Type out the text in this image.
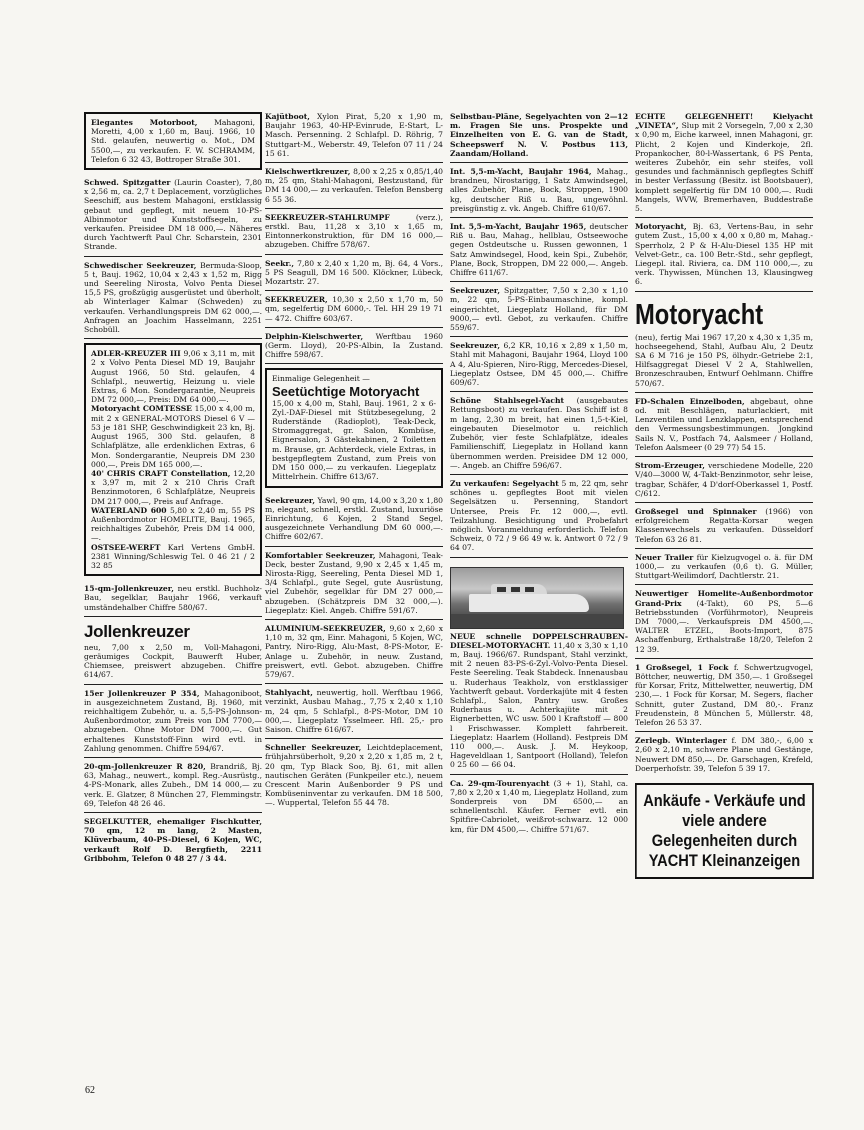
Elegantes Motorboot, Mahagoni, Moretti, 4,00 x 1,60 m, Bauj. 1966, 10 Std. gelaufen, neuwertig o. Mot., DM 5500,—, zu verkaufen. F. W. SCHRAMM, Telefon 6 32 43, Bottroper Straße 301.
Schwed. Spitzgatter (Laurin Coaster), 7,80 x 2,56 m, ca. 2,7 t Deplacement, vorzügliches Seeschiff, aus bestem Mahagoni, erstklassig gebaut und gepflegt, mit neuem 10-PS-Albinmotor und Kunststoffsegeln, zu verkaufen. Preisidee DM 18 000,—. Näheres durch Yachtwerft Paul Chr. Scharstein, 2301 Strande.
Schwedischer Seekreuzer, Bermuda-Sloop, 5 t, Bauj. 1962, 10,04 x 2,43 x 1,52 m, Rigg und Seereling Nirosta, Volvo Penta Diesel 15,5 PS, großzügig ausgerüstet und überholt, ab Winterlager Kalmar (Schweden) zu verkaufen. Verhandlungspreis DM 62 000,—. Anfragen an Joachim Hasselmann, 2251 Schobüll.
ADLER-KREUZER III 9,06 x 3,11 m, mit 2 x Volvo Penta Diesel MD 19, Baujahr August 1966, 50 Std. gelaufen, 4 Schlafpl., neuwertig, Heizung u. viele Extras, 6 Mon. Sondergarantie, Neupreis DM 72 000,—, Preis: DM 64 000,—.
Motoryacht COMTESSE 15,00 x 4,00 m, mit 2 x GENERAL-MOTORS Diesel 6 V — 53 je 181 SHP, Geschwindigkeit 23 kn, Bj. August 1965, 300 Std. gelaufen, 8 Schlafplätze, alle erdenklichen Extras, 6 Mon. Sondergarantie, Neupreis DM 230 000,—, Preis DM 165 000,—.
40' CHRIS CRAFT Constellation, 12,20 x 3,97 m, mit 2 x 210 Chris Craft Benzinmotoren, 6 Schlafplätze, Neupreis DM 217 000,—, Preis auf Anfrage.
WATERLAND 600 5,80 x 2,40 m, 55 PS Außenbordmotor HOMELITE, Bauj. 1965, reichhaltiges Zubehör, Preis DM 14 000,—.
OSTSEE-WERFT Karl Vertens GmbH. 2381 Winning/Schleswig Tel. 0 46 21 / 2 32 85
15-qm-Jollenkreuzer, neu erstkl. Buchholz-Bau, segelklar, Baujahr 1966, verkauft umständehalber Chiffre 580/67.
Jollenkreuzer
neu, 7,00 x 2,50 m, Voll-Mahagoni, geräumiges Cockpit, Bauwerft Huber, Chiemsee, preiswert abzugeben. Chiffre 614/67.
15er Jollenkreuzer P 354, Mahagoniboot, in ausgezeichnetem Zustand, Bj. 1960, mit reichhaltigem Zubehör, u. a. 5,5-PS-Johnson-Außenbordmotor, zum Preis von DM 7700,— abzugeben. Ohne Motor DM 7000,—. Gut erhaltenes Kunststoff-Finn wird evtl. in Zahlung genommen. Chiffre 594/67.
20-qm-Jollenkreuzer R 820, Brandriß, Bj. 63, Mahag., neuwert., kompl. Reg.-Ausrüstg., 4-PS-Monark, alles Zubeh., DM 14 000,— zu verk. E. Glatzer, 8 München 27, Flemmingstr. 69, Telefon 48 26 46.
SEGELKUTTER, ehemaliger Fischkutter, 70 qm, 12 m lang, 2 Masten, Klüverbaum, 40-PS-Diesel, 6 Kojen, WC, verkauft Rolf D. Bergfieth, 2211 Gribbohm, Telefon 0 48 27 / 3 44.
Kajütboot, Xylon Pirat, 5,20 x 1,90 m, Baujahr 1963, 40-HP-Evinrude, E-Start, L-Masch. Persenning. 2 Schlafpl. D. Röhrig, 7 Stuttgart-M., Weberstr. 49, Telefon 07 11 / 24 15 61.
Kielschwertkreuzer, 8,00 x 2,25 x 0,85/1,40 m, 25 qm, Stahl-Mahagoni, Bestzustand, für DM 14 000,— zu verkaufen. Telefon Bensberg 6 55 36.
SEEKREUZER-STAHLRUMPF	(verz.), erstkl. Bau, 11,28 x 3,10 x 1,65 m, Eintonnerkonstruktion, für DM 16 000,— abzugeben. Chiffre 578/67.
Seekr., 7,80 x 2,40 x 1,20 m, Bj. 64, 4 Vors., 5 PS Seagull, DM 16 500. Klöckner, Lübeck, Mozartstr. 27.
SEEKREUZER, 10,30 x 2,50 x 1,70 m, 50 qm, segelfertig DM 6000,-. Tel. HH 29 19 71 — 472. Chiffre 603/67.
Delphin-Kielschwerter, Werftbau 1960 (Germ. Lloyd), 20-PS-Albin, Ia Zustand. Chiffre 598/67.
Einmalige Gelegenheit —
Seetüchtige Motoryacht
15,00 x 4,00 m, Stahl, Bauj. 1961, 2 x 6-Zyl.-DAF-Diesel mit Stützbesegelung, 2 Ruderstände (Radioplot), Teak-Deck, Stromaggregat, gr. Salon, Kombüse, Eignersalon, 3 Gästekabinen, 2 Toiletten m. Brause, gr. Achterdeck, viele Extras, in bestgepflegtem Zustand, zum Preis von DM 150 000,— zu verkaufen. Liegeplatz Mittelrhein. Chiffre 613/67.
Seekreuzer, Yawl, 90 qm, 14,00 x 3,20 x 1,80 m, elegant, schnell, erstkl. Zustand, luxuriöse Einrichtung, 6 Kojen, 2 Stand Segel, ausgezeichnete Verhandlung DM 60 000,—. Chiffre 602/67.
Komfortabler Seekreuzer, Mahagoni, Teak-Deck, bester Zustand, 9,90 x 2,45 x 1,45 m, Nirosta-Rigg, Seereling, Penta Diesel MD 1, 3/4 Schlafpl., gute Segel, gute Ausrüstung, viel Zubehör, segelklar für DM 27 000,— abzugeben. (Schätzpreis DM 32 000,—). Liegeplatz: Kiel. Angeb. Chiffre 591/67.
ALUMINIUM-SEEKREUZER, 9,60 x 2,60 x 1,10 m, 32 qm, Einr. Mahagoni, 5 Kojen, WC, Pantry, Niro-Rigg, Alu-Mast, 8-PS-Motor, E-Anlage u. Zubehör, in neuw. Zustand, preiswert, evtl. Gebot. abzugeben. Chiffre 579/67.
Stahlyacht, neuwertig, holl. Werftbau 1966, verzinkt, Ausbau Mahag., 7,75 x 2,40 x 1,10 m, 24 qm, 5 Schlafpl., 8-PS-Motor, DM 10 000,—. Liegeplatz Ysselmeer. Hfl. 25,- pro Saison. Chiffre 616/67.
Schneller Seekreuzer, Leichtdeplacement, frühjahrsüberholt, 9,20 x 2,20 x 1,85 m, 2 t, 20 qm, Typ Black Soo, Bj. 61, mit allen nautischen Geräten (Funkpeiler etc.), neuem Crescent Marin Außenborder 9 PS und Kombüseninventar zu verkaufen. DM 18 500,—. Wuppertal, Telefon 55 44 78.
Selbstbau-Pläne, Segelyachten von 2—12 m. Fragen Sie uns. Prospekte und Einzelheiten von E. G. van de Stadt, Scheepswerf N. V. Postbus 113, Zaandam/Holland.
Int. 5,5-m-Yacht, Baujahr 1964, Mahag., brandneu, Nirostarigg, 1 Satz Amwindsegel, alles Zubehör, Plane, Bock, Stroppen, 1900 kg, deutscher Riß u. Bau, ungewöhnl. preisgünstig z. vk. Angeb. Chiffre 610/67.
Int. 5,5-m-Yacht, Baujahr 1965, deutscher Riß u. Bau, Mahag., hellblau, Ostseewoche gegen Ostdeutsche u. Russen gewonnen, 1 Satz Amwindsegel, Hood, kein Spi., Zubehör, Plane, Bock, Stroppen, DM 22 000,—. Angeb. Chiffre 611/67.
Seekreuzer, Spitzgatter, 7,50 x 2,30 x 1,10 m, 22 qm, 5-PS-Einbaumaschine, kompl. eingerichtet, Liegeplatz Holland, für DM 9000,— evtl. Gebot, zu verkaufen. Chiffre 559/67.
Seekreuzer, 6,2 KR, 10,16 x 2,89 x 1,50 m, Stahl mit Mahagoni, Baujahr 1964, Lloyd 100 A 4, Alu-Spieren, Niro-Rigg, Mercedes-Diesel, Liegeplatz Ostsee, DM 45 000,—. Chiffre 609/67.
Schöne Stahlsegel-Yacht (ausgebautes Rettungsboot) zu verkaufen. Das Schiff ist 8 m lang, 2,30 m breit, hat einen 1,5-t-Kiel, eingebauten Dieselmotor u. reichlich Zubehör, vier feste Schlafplätze, ideales Familienschiff, Liegeplatz in Holland kann übernommen werden. Preisidee DM 12 000,—. Angeb. an Chiffre 596/67.
Zu verkaufen: Segelyacht 5 m, 22 qm, sehr schönes u. gepflegtes Boot mit vielen Segelsätzen u. Persenning, Standort Untersee, Preis Fr. 12 000,—, evtl. Teilzahlung. Besichtigung und Probefahrt möglich. Voranmeldung erforderlich. Telefon Schweiz, 0 72 / 9 66 49 w. k. Antwort 0 72 / 9 64 07.
NEUE schnelle DOPPELSCHRAUBEN-DIESEL-MOTORYACHT. 11,40 x 3,30 x 1,10 m, Bauj. 1966/67. Rundspant, Stahl verzinkt, mit 2 neuen 83-PS-6-Zyl.-Volvo-Penta Diesel. Feste Seereling. Teak Stabdeck. Innenausbau u. Ruderhaus Teakholz, von erstklassiger Yachtwerft gebaut. Vorderkajüte mit 4 festen Schlafpl., Salon, Pantry usw. Großes Ruderhaus u. Achterkajüte mit 2 Eignerbetten, WC usw. 500 l Kraftstoff — 800 l Frischwasser. Komplett fahrbereit. Liegeplatz: Haarlem (Holland). Festpreis DM 110 000,—. Ausk. J. M. Heykoop, Hageveldlaan 1, Santpoort (Holland), Telefon 0 25 60 — 66 04.
Ca. 29-qm-Tourenyacht (3 + 1), Stahl, ca. 7,80 x 2,20 x 1,40 m, Liegeplatz Holland, zum Sonderpreis von DM 6500,— an schnellentschl. Käufer. Ferner evtl. ein Spitfire-Cabriolet, weißrot-schwarz. 12 000 km, für DM 4500,—. Chiffre 571/67.
ECHTE GELEGENHEIT! Kielyacht „VINETA“, Slup mit 2 Vorsegeln, 7,00 x 2,30 x 0,90 m, Eiche karweel, innen Mahagoni, gr. Plicht, 2 Kojen und Kinderkoje, 2fl. Propankocher, 80-l-Wassertank, 6 PS Penta, weiteres Zubehör, ein sehr steifes, voll gesundes und fachmännisch gepflegtes Schiff in bester Verfassung (Besitz. ist Bootsbauer), komplett segelfertig für DM 10 000,—. Rudi Mangels, WVW, Bremerhaven, Buddestraße 5.
Motoryacht, Bj. 63, Vertens-Bau, in sehr gutem Zust., 15,00 x 4,00 x 0,80 m, Mahag.-Sperrholz, 2 P & H-Alu-Diesel 135 HP mit Velvet-Getr., ca. 100 Betr.-Std., sehr gepflegt, Liegepl. ital. Riviera, ca. DM 110 000,—, zu verk. Thywissen, München 13, Klausingweg 6.
Motoryacht
(neu), fertig Mai 1967 17,20 x 4,30 x 1,35 m, hochseegehend, Stahl, Aufbau Alu, 2 Deutz SA 6 M 716 je 150 PS, ölhydr.-Getriebe 2:1, Hilfsaggregat Diesel V 2 A, Stahlwellen, Bronzeschrauben, Entwurf Oehlmann. Chiffre 570/67.
FD-Schalen Einzelboden, abgebaut, ohne od. mit Beschlägen, naturlackiert, mit Lenzventilen und Lenzklappen, entsprechend den Vermessungsbestimmungen. Jongkind Sails N. V., Postfach 74, Aalsmeer / Holland, Telefon Aalsmeer (0 29 77) 54 15.
Strom-Erzeuger, verschiedene Modelle, 220 V/40—3000 W, 4-Takt-Benzinmotor, sehr leise, tragbar, Schäfer, 4 D'dorf-Oberkassel 1, Postf. C/612.
Großsegel und Spinnaker (1966) von erfolgreichem Regatta-Korsar wegen Klassenwechsels zu verkaufen. Düsseldorf Telefon 63 26 81.
Neuer Trailer für Kielzugvogel o. ä. für DM 1000,— zu verkaufen (0,6 t). G. Müller, Stuttgart-Weilimdorf, Dachtlerstr. 21.
Neuwertiger Homelite-Außenbordmotor Grand-Prix (4-Takt), 60 PS, 5—6 Betriebsstunden (Vorführmotor), Neupreis DM 7000,—. Verkaufspreis DM 4500,—. WALTER ETZEL, Boots-Import, 875 Aschaffenburg, Erthalstraße 18/20, Telefon 2 12 39.
1 Großsegel, 1 Fock f. Schwertzugvogel, Böttcher, neuwertig, DM 350,—. 1 Großsegel für Korsar, Fritz, Mittelwetter, neuwertig, DM 230,—. 1 Fock für Korsar, M. Segers, flacher Schnitt, guter Zustand, DM 80,-. Franz Freudenstein, 8 München 5, Müllerstr. 48, Telefon 26 53 37.
Zerlegb. Winterlager f. DM 380,-, 6,00 x 2,60 x 2,10 m, schwere Plane und Gestänge, Neuwert DM 850,—. Dr. Garschagen, Krefeld, Doerperhofstr. 39, Telefon 5 39 17.
Ankäufe - Verkäufe und viele andere Gelegenheiten durch YACHT Kleinanzeigen
62
